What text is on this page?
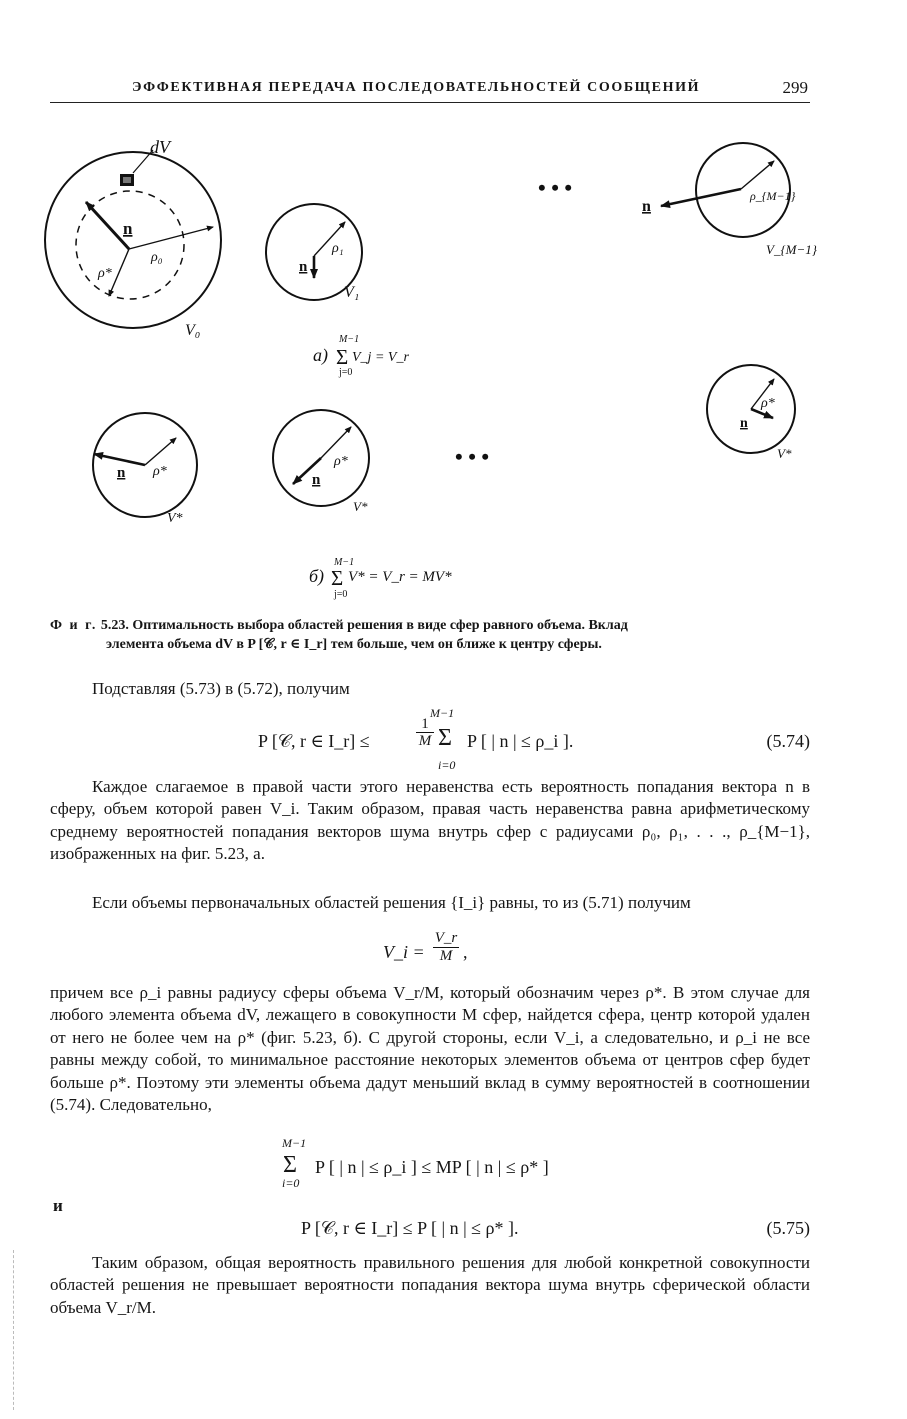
ЭФФЕКТИВНАЯ ПЕРЕДАЧА ПОСЛЕДОВАТЕЛЬНОСТЕЙ СООБЩЕНИЙ	299
dV
n
ρ₀
ρ*
V₀
n
ρ₁
V₁
• • •
n
ρ_{M−1}
V_{M−1}
а)
M−1
Σ
j=0
V_j = V_r
ρ*
n
V*
n ρ*
V*
n
ρ*
V*
• • •
б)
M−1
Σ
j=0
V* = V_r = MV*
Ф и г. 5.23. Оптимальность выбора областей решения в виде сфер равного объема. Вклад
элемента объема dV в P [𝒞, r ∈ I_r] тем больше, чем он ближе к центру сферы.
Подставляя (5.73) в (5.72), получим
P [𝒞, r ∈ I_r] ≤
1
M
M−1
Σ
i=0
P [ | n | ≤ ρ_i ].	(5.74)
Каждое слагаемое в правой части этого неравенства есть вероятность попадания вектора n в сферу, объем которой равен V_i. Таким образом, правая часть неравенства равна арифметическому среднему вероятностей попадания векторов шума внутрь сфер с радиусами ρ₀, ρ₁, . . ., ρ_{M−1}, изображенных на фиг. 5.23, а.
Если объемы первоначальных областей решения {I_i} равны, то из (5.71) получим
V_i =
V_r
M ,
причем все ρ_i равны радиусу сферы объема V_r/M, который обозначим через ρ*. В этом случае для любого элемента объема dV, лежащего в совокупности M сфер, найдется сфера, центр которой удален от него не более чем на ρ* (фиг. 5.23, б). С другой стороны, если V_i, а следовательно, и ρ_i не все равны между собой, то минимальное расстояние некоторых элементов объема от центров сфер будет больше ρ*. Поэтому эти элементы объема дадут меньший вклад в сумму вероятностей в соотношении (5.74). Следовательно,
M−1
Σ
i=0
P [ | n | ≤ ρ_i ] ≤ MP [ | n | ≤ ρ* ]
и
P [𝒞, r ∈ I_r] ≤ P [ | n | ≤ ρ* ].	(5.75)
Таким образом, общая вероятность правильного решения для любой конкретной совокупности областей решения не превышает вероятности попадания вектора шума внутрь сферической области объема V_r/M.
